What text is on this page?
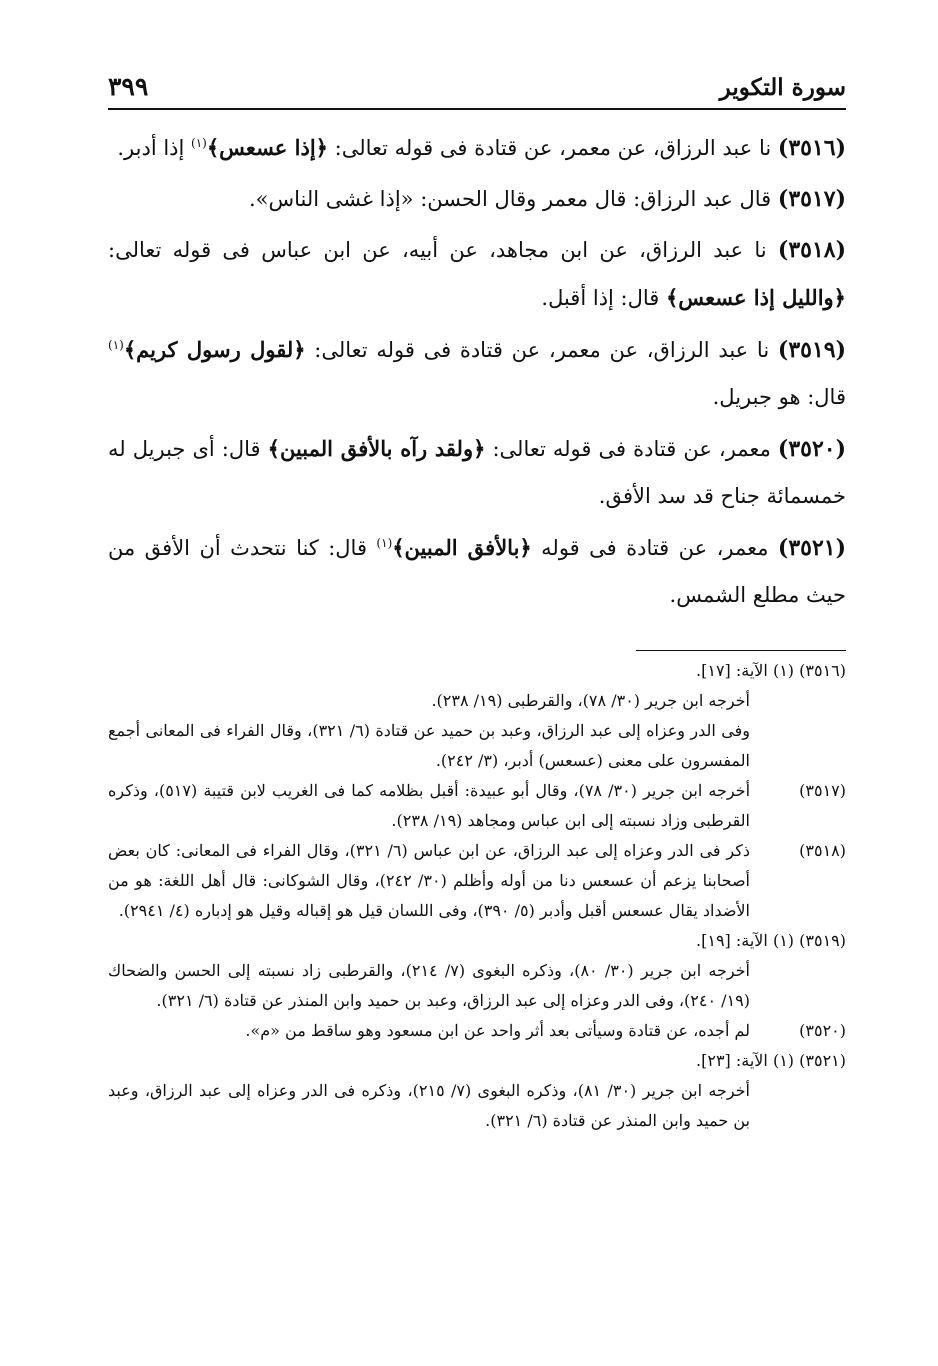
سورة التكوير
٣٩٩

(٣٥١٦) نا عبد الرزاق، عن معمر، عن قتادة فى قوله تعالى: ﴿إذا عسعس﴾$^{(١)}$ إذا أدبر.

(٣٥١٧) قال عبد الرزاق: قال معمر وقال الحسن: «إذا غشى الناس».

(٣٥١٨) نا عبد الرزاق، عن ابن مجاهد، عن أبيه، عن ابن عباس فى قوله تعالى: ﴿والليل إذا عسعس﴾ قال: إذا أقبل.

(٣٥١٩) نا عبد الرزاق، عن معمر، عن قتادة فى قوله تعالى: ﴿لقول رسول كريم﴾$^{(١)}$ قال: هو جبريل.

(٣٥٢٠) معمر، عن قتادة فى قوله تعالى: ﴿ولقد رآه بالأفق المبين﴾ قال: أى جبريل له خمسمائة جناح قد سد الأفق.

(٣٥٢١) معمر، عن قتادة فى قوله ﴿بالأفق المبين﴾$^{(١)}$ قال: كنا نتحدث أن الأفق من حيث مطلع الشمس.

(٣٥١٦) (١) الآية: [١٧].
أخرجه ابن جرير (٣٠/ ٧٨)، والقرطبى (١٩/ ٢٣٨).
وفى الدر وعزاه إلى عبد الرزاق، وعبد بن حميد عن قتادة (٦/ ٣٢١)، وقال الفراء فى المعانى أجمع المفسرون على معنى (عسعس) أدبر، (٣/ ٢٤٢).
(٣٥١٧)
أخرجه ابن جرير (٣٠/ ٧٨)، وقال أبو عبيدة: أقبل بظلامه كما فى الغريب لابن قتيبة (٥١٧)، وذكره القرطبى وزاد نسبته إلى ابن عباس ومجاهد (١٩/ ٢٣٨).
(٣٥١٨)
ذكر فى الدر وعزاه إلى عبد الرزاق، عن ابن عباس (٦/ ٣٢١)، وقال الفراء فى المعانى: كان بعض أصحابنا يزعم أن عسعس دنا من أوله وأظلم (٣٠/ ٢٤٢)، وقال الشوكانى: قال أهل اللغة: هو من الأضداد يقال عسعس أقبل وأدبر (٥/ ٣٩٠)، وفى اللسان قيل هو إقباله وقيل هو إدباره (٤/ ٢٩٤١).
(٣٥١٩) (١) الآية: [١٩].
أخرجه ابن جرير (٣٠/ ٨٠)، وذكره البغوى (٧/ ٢١٤)، والقرطبى زاد نسبته إلى الحسن والضحاك (١٩/ ٢٤٠)، وفى الدر وعزاه إلى عبد الرزاق، وعبد بن حميد وابن المنذر عن قتادة (٦/ ٣٢١).
(٣٥٢٠)
لم أجده، عن قتادة وسيأتى بعد أثر واحد عن ابن مسعود وهو ساقط من «م».
(٣٥٢١) (١) الآية: [٢٣].
أخرجه ابن جرير (٣٠/ ٨١)، وذكره البغوى (٧/ ٢١٥)، وذكره فى الدر وعزاه إلى عبد الرزاق، وعبد بن حميد وابن المنذر عن قتادة (٦/ ٣٢١).
